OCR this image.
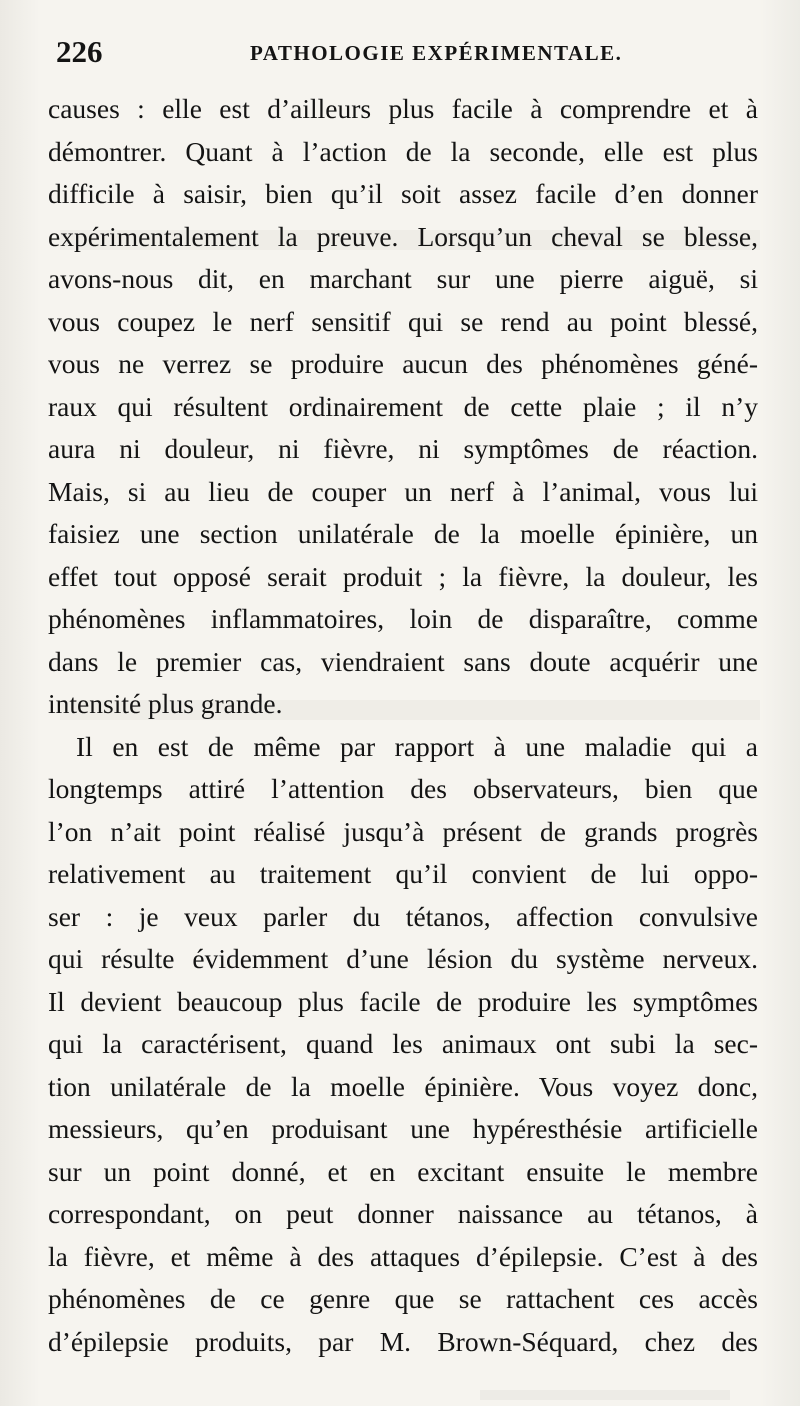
226	PATHOLOGIE EXPÉRIMENTALE.
causes : elle est d’ailleurs plus facile à comprendre et à
démontrer. Quant à l’action de la seconde, elle est plus
difficile à saisir, bien qu’il soit assez facile d’en donner
expérimentalement la preuve. Lorsqu’un cheval se blesse,
avons-nous dit, en marchant sur une pierre aiguë, si
vous coupez le nerf sensitif qui se rend au point blessé,
vous ne verrez se produire aucun des phénomènes géné-
raux qui résultent ordinairement de cette plaie ; il n’y
aura ni douleur, ni fièvre, ni symptômes de réaction.
Mais, si au lieu de couper un nerf à l’animal, vous lui
faisiez une section unilatérale de la moelle épinière, un
effet tout opposé serait produit ; la fièvre, la douleur, les
phénomènes inflammatoires, loin de disparaître, comme
dans le premier cas, viendraient sans doute acquérir une
intensité plus grande.
Il en est de même par rapport à une maladie qui a
longtemps attiré l’attention des observateurs, bien que
l’on n’ait point réalisé jusqu’à présent de grands progrès
relativement au traitement qu’il convient de lui oppo-
ser : je veux parler du tétanos, affection convulsive
qui résulte évidemment d’une lésion du système nerveux.
Il devient beaucoup plus facile de produire les symptômes
qui la caractérisent, quand les animaux ont subi la sec-
tion unilatérale de la moelle épinière. Vous voyez donc,
messieurs, qu’en produisant une hypéresthésie artificielle
sur un point donné, et en excitant ensuite le membre
correspondant, on peut donner naissance au tétanos, à
la fièvre, et même à des attaques d’épilepsie. C’est à des
phénomènes de ce genre que se rattachent ces accès
d’épilepsie produits, par M. Brown-Séquard, chez des
